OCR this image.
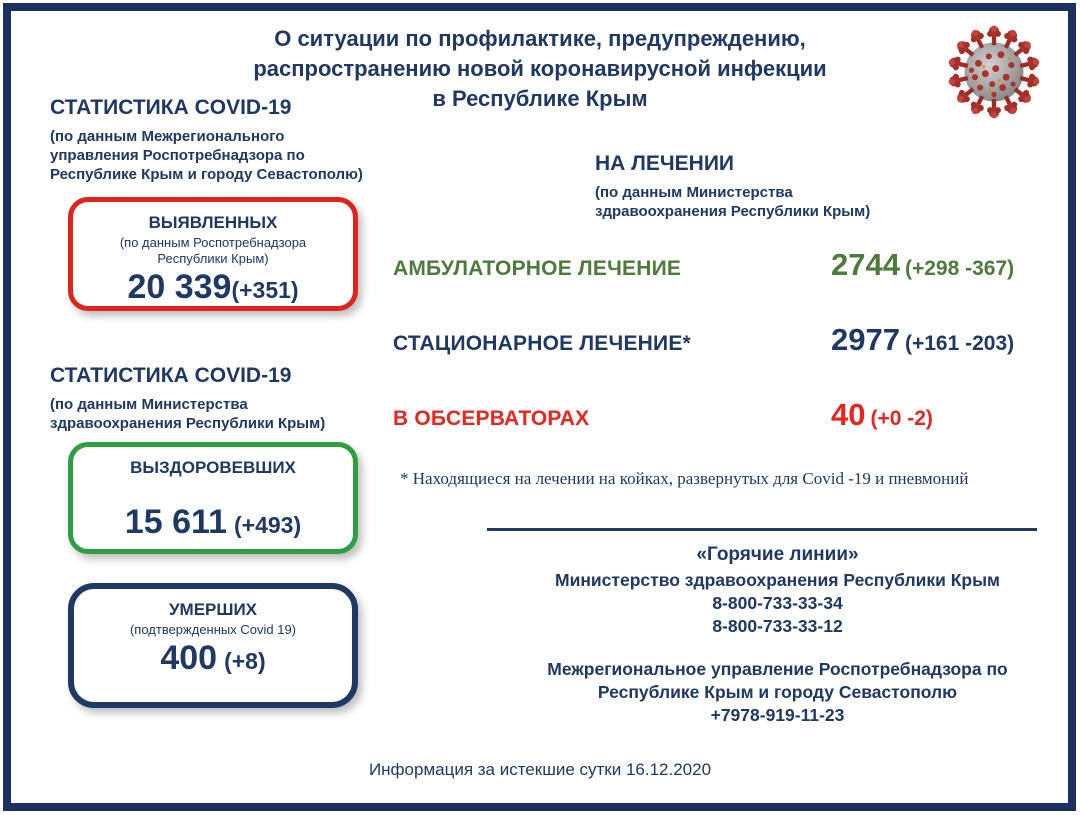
О ситуации по профилактике, предупреждению,
распространению новой коронавирусной инфекции
в Республике Крым
СТАТИСТИКА COVID-19
(по данным Межрегионального управления Роспотребнадзора по Республике Крым и городу Севастополю)
ВЫЯВЛЕННЫХ
(по данным Роспотребнадзора Республики Крым)
20 339(+351)
СТАТИСТИКА COVID-19
(по данным Министерства здравоохранения Республики Крым)
ВЫЗДОРОВЕВШИХ
15 611 (+493)
УМЕРШИХ
(подтвержденных Covid 19)
400 (+8)
НА ЛЕЧЕНИИ
(по данным Министерства здравоохранения Республики Крым)
АМБУЛАТОРНОЕ ЛЕЧЕНИЕ	2744 (+298 -367)
СТАЦИОНАРНОЕ ЛЕЧЕНИЕ*	2977 (+161 -203)
В ОБСЕРВАТОРАХ	40 (+0 -2)
* Находящиеся на лечении на койках, развернутых для Covid -19 и пневмоний
«Горячие линии»
Министерство здравоохранения Республики Крым
8-800-733-33-34
8-800-733-33-12
Межрегиональное управление Роспотребнадзора по Республике Крым и городу Севастополю
+7978-919-11-23
Информация за истекшие сутки 16.12.2020
